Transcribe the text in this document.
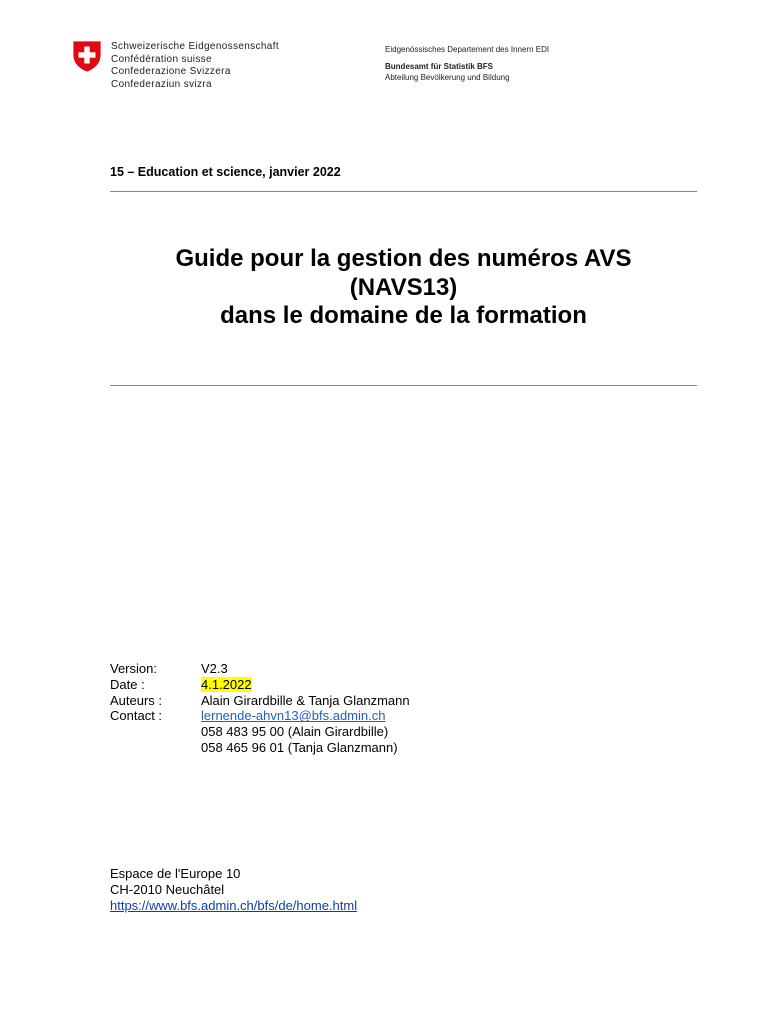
Schweizerische Eidgenossenschaft
Confédération suisse
Confederazione Svizzera
Confederaziun svizra
Eidgenössisches Departement des Innern EDI
Bundesamt für Statistik BFS
Abteilung Bevölkerung und Bildung
15 – Education et science, janvier 2022
Guide pour la gestion des numéros AVS
(NAVS13)
dans le domaine de la formation
Version:	V2.3
Date :	4.1.2022
Auteurs :	Alain Girardbille & Tanja Glanzmann
Contact :	lernende-ahvn13@bfs.admin.ch
058 483 95 00 (Alain Girardbille)
058 465 96 01 (Tanja Glanzmann)
Espace de l'Europe 10
CH-2010 Neuchâtel
https://www.bfs.admin.ch/bfs/de/home.html
